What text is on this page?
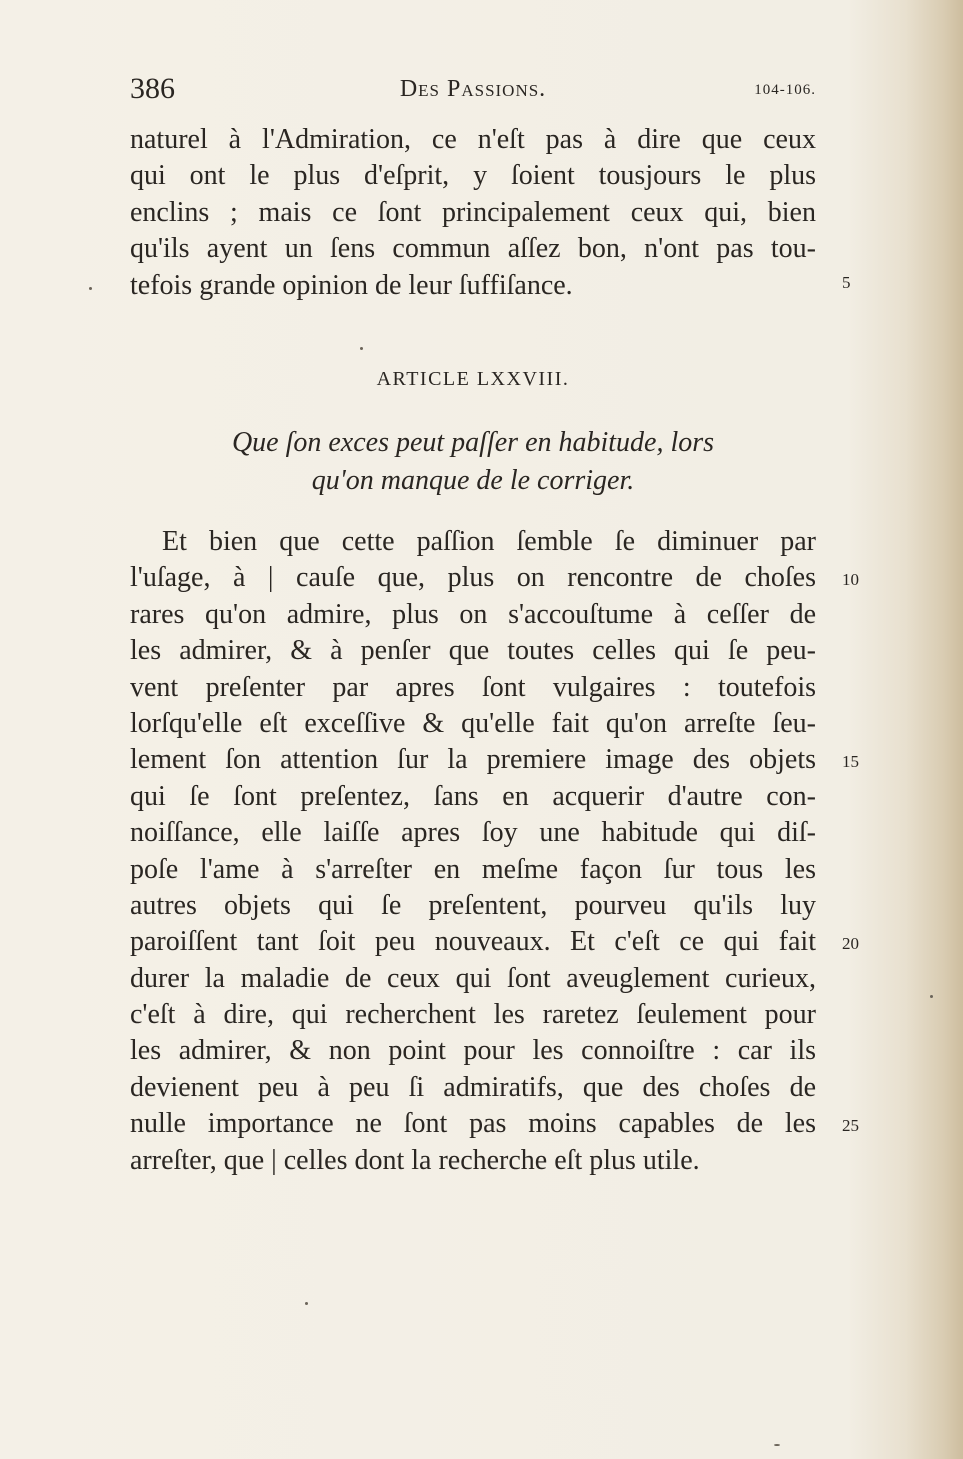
386	Des Passions.	104-106.
naturel à l'Admiration, ce n'eſt pas à dire que ceux
qui ont le plus d'eſprit, y ſoient tousjours le plus
enclins ; mais ce ſont principalement ceux qui, bien
qu'ils ayent un ſens commun aſſez bon, n'ont pas tou-
tefois grande opinion de leur ſuffiſance.	5
ARTICLE LXXVIII.
Que ſon exces peut paſſer en habitude, lors
qu'on manque de le corriger.
Et bien que cette paſſion ſemble ſe diminuer par
l'uſage, à | cauſe que, plus on rencontre de choſes
rares qu'on admire, plus on s'accouſtume à ceſſer de
les admirer, & à penſer que toutes celles qui ſe peu-
vent preſenter par apres ſont vulgaires : toutefois
lorſqu'elle eſt exceſſive & qu'elle fait qu'on arreſte ſeu-
lement ſon attention ſur la premiere image des objets
qui ſe ſont preſentez, ſans en acquerir d'autre con-
noiſſance, elle laiſſe apres ſoy une habitude qui diſ-
poſe l'ame à s'arreſter en meſme façon ſur tous les
autres objets qui ſe preſentent, pourveu qu'ils luy
paroiſſent tant ſoit peu nouveaux. Et c'eſt ce qui fait
durer la maladie de ceux qui ſont aveuglement curieux,
c'eſt à dire, qui recherchent les raretez ſeulement pour
les admirer, & non point pour les connoiſtre : car ils
devienent peu à peu ſi admiratifs, que des choſes de
nulle importance ne ſont pas moins capables de les
arreſter, que | celles dont la recherche eſt plus utile.
10
15
20
25
